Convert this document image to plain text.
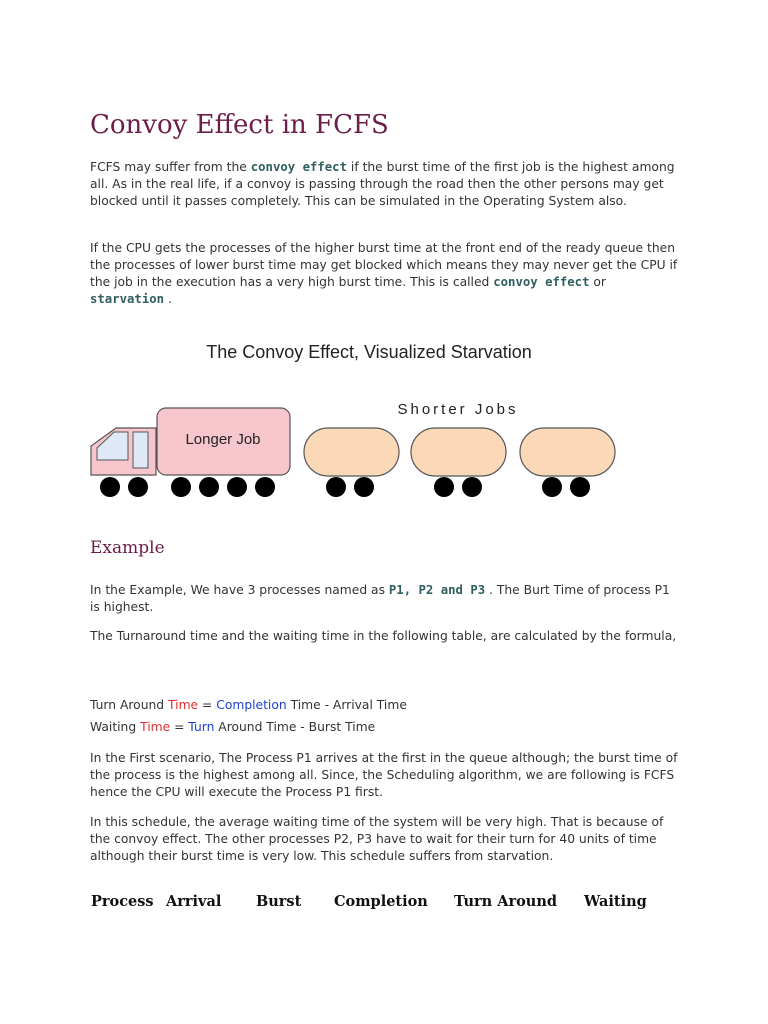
Convoy Effect in FCFS

FCFS may suffer from the convoy effect if the burst time of the first job is the highest among all. As in the real life, if a convoy is passing through the road then the other persons may get blocked until it passes completely. This can be simulated in the Operating System also.

If the CPU gets the processes of the higher burst time at the front end of the ready queue then the processes of lower burst time may get blocked which means they may never get the CPU if the job in the execution has a very high burst time. This is called convoy effect or starvation .

The Convoy Effect, Visualized Starvation
Longer Job
Shorter Jobs
Example

In the Example, We have 3 processes named as P1, P2 and P3 . The Burt Time of process P1 is highest.

The Turnaround time and the waiting time in the following table, are calculated by the formula,

Turn Around Time = Completion Time - Arrival Time

Waiting Time = Turn Around Time - Burst Time

In the First scenario, The Process P1 arrives at the first in the queue although; the burst time of the process is the highest among all. Since, the Scheduling algorithm, we are following is FCFS hence the CPU will execute the Process P1 first.

In this schedule, the average waiting time of the system will be very high. That is because of the convoy effect. The other processes P2, P3 have to wait for their turn for 40 units of time although their burst time is very low. This schedule suffers from starvation.

Process Arrival Burst Completion Turn Around Waiting
